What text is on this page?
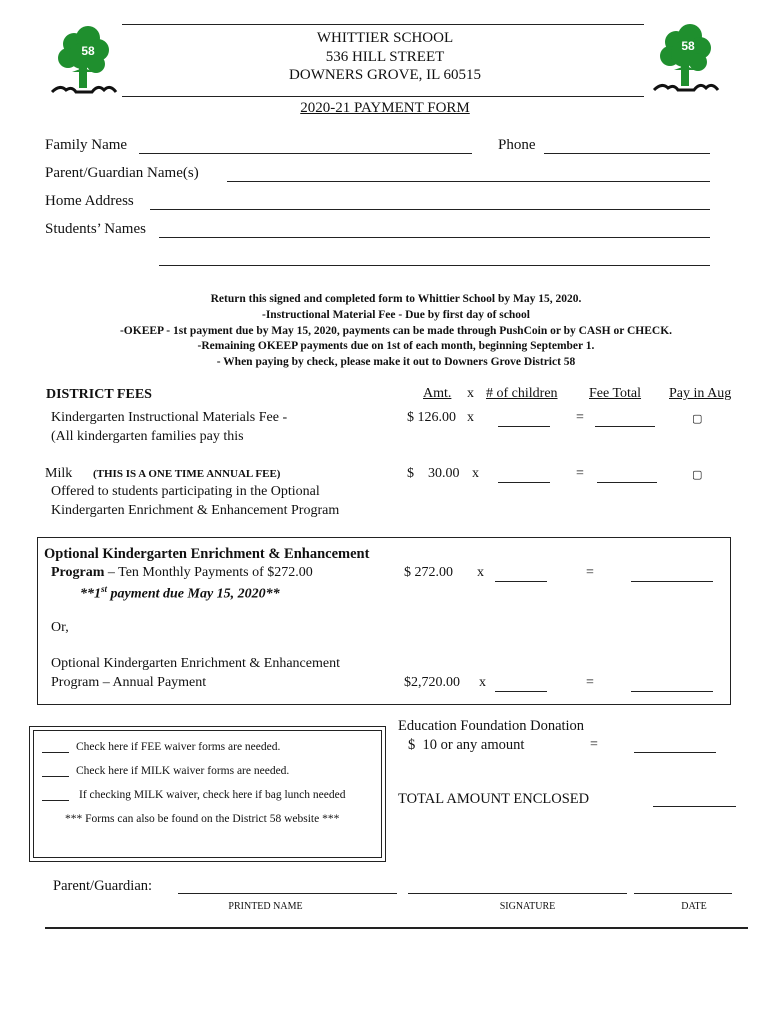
58	58
WHITTIER SCHOOL
536 HILL STREET
DOWNERS GROVE, IL 60515
2020-21 PAYMENT FORM
Family Name	Phone
Parent/Guardian Name(s)
Home Address
Students’ Names
Return this signed and completed form to Whittier School by May 15, 2020.
-Instructional Material Fee - Due by first day of school
-OKEEP - 1st payment due by May 15, 2020, payments can be made through PushCoin or by CASH or CHECK.
-Remaining OKEEP payments due on 1st of each month, beginning September 1.
- When paying by check, please make it out to Downers Grove District 58
DISTRICT FEES	Amt. x # of children Fee Total Pay in Aug
Kindergarten Instructional Materials Fee -
(All kindergarten families pay this
$ 126.00 x	=	▢
Milk (THIS IS A ONE TIME ANNUAL FEE)
Offered to students participating in the Optional
Kindergarten Enrichment & Enhancement Program
$    30.00 x	=	▢
Optional Kindergarten Enrichment & Enhancement
Program – Ten Monthly Payments of $272.00
**1st payment due May 15, 2020**
$ 272.00 x	=
Or,
Optional Kindergarten Enrichment & Enhancement
Program – Annual Payment	$2,720.00 x	=
Check here if FEE waiver forms are needed.
Check here if MILK waiver forms are needed.
If checking MILK waiver, check here if bag lunch needed
*** Forms can also be found on the District 58 website ***
Education Foundation Donation
$  10 or any amount	=
TOTAL AMOUNT ENCLOSED
Parent/Guardian:
PRINTED NAME	SIGNATURE	DATE
